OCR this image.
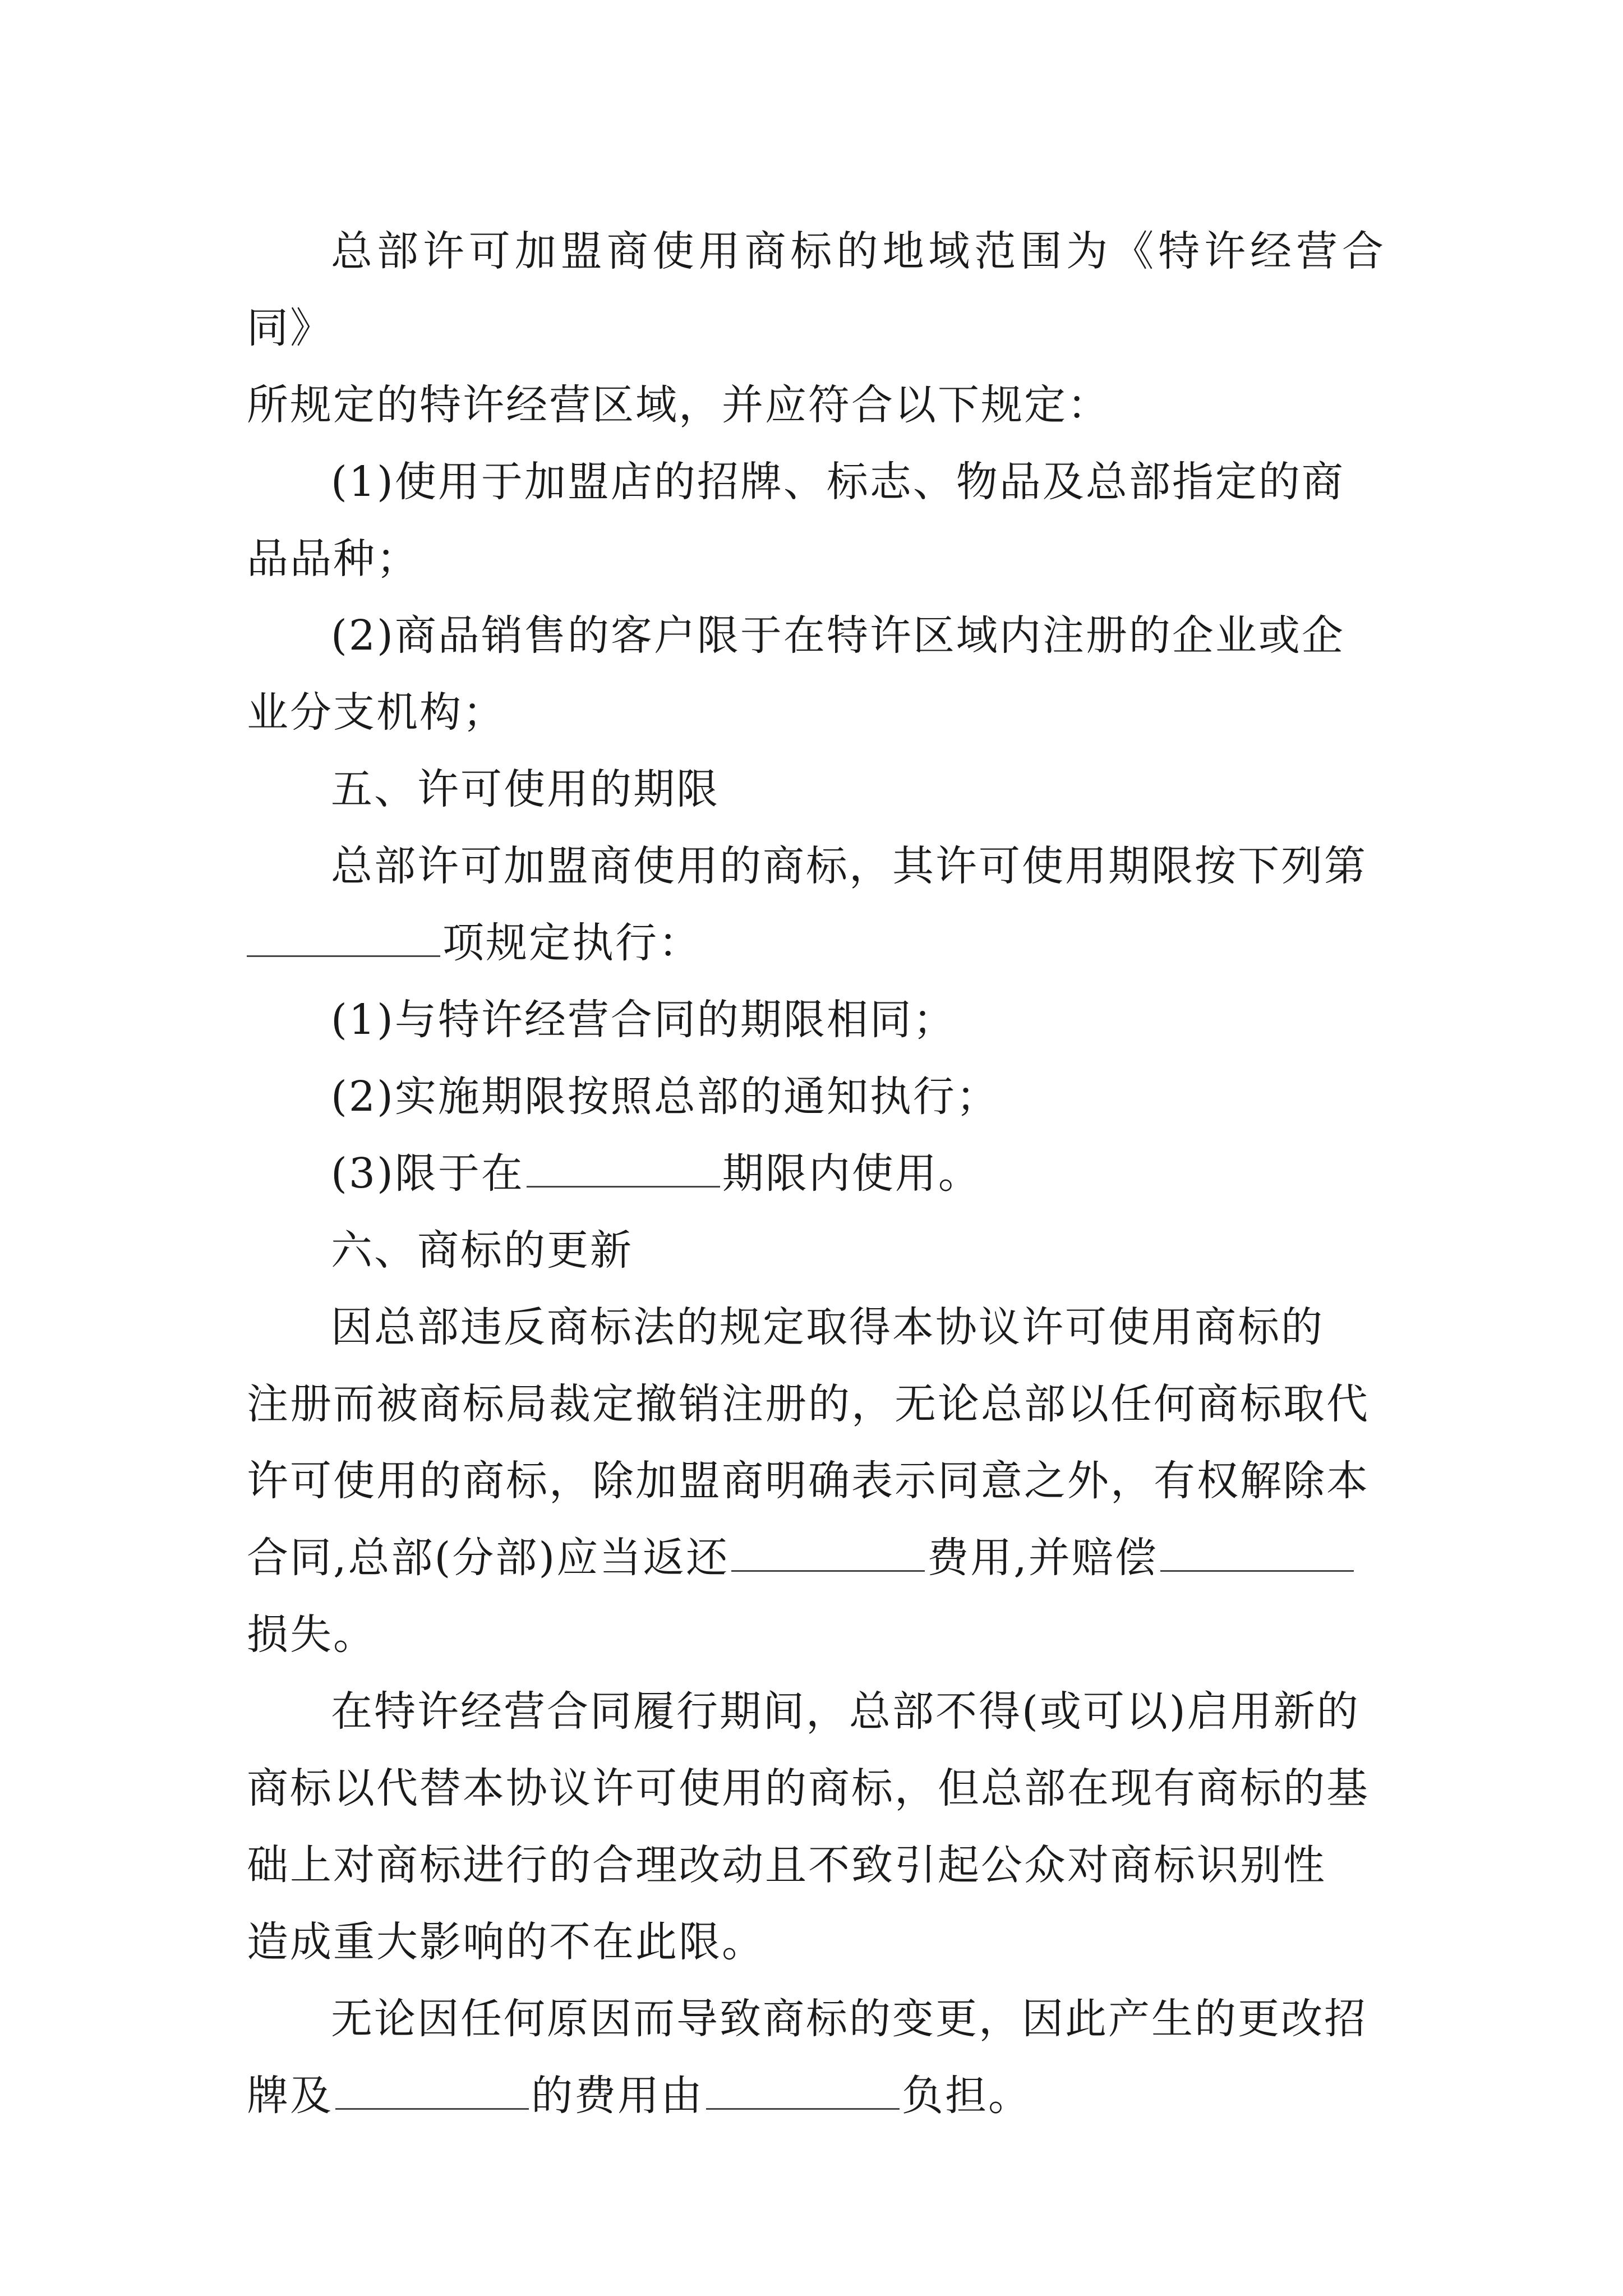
总部许可加盟商使用商标的地域范围为《特许经营合同》
所规定的特许经营区域，并应符合以下规定：

(1)使用于加盟店的招牌、标志、物品及总部指定的商
品品种；

(2)商品销售的客户限于在特许区域内注册的企业或企
业分支机构；

五、许可使用的期限

总部许可加盟商使用的商标，其许可使用期限按下列第
项规定执行：

(1)与特许经营合同的期限相同；

(2)实施期限按照总部的通知执行；

(3)限于在	期限内使用。

六、商标的更新

因总部违反商标法的规定取得本协议许可使用商标的
注册而被商标局裁定撤销注册的，无论总部以任何商标取代
许可使用的商标，除加盟商明确表示同意之外，有权解除本
合同,总部(分部)应当返还	费用,并赔偿
损失。

在特许经营合同履行期间，总部不得(或可以)启用新的
商标以代替本协议许可使用的商标，但总部在现有商标的基
础上对商标进行的合理改动且不致引起公众对商标识别性
造成重大影响的不在此限。

无论因任何原因而导致商标的变更，因此产生的更改招
牌及	的费用由	负担。
